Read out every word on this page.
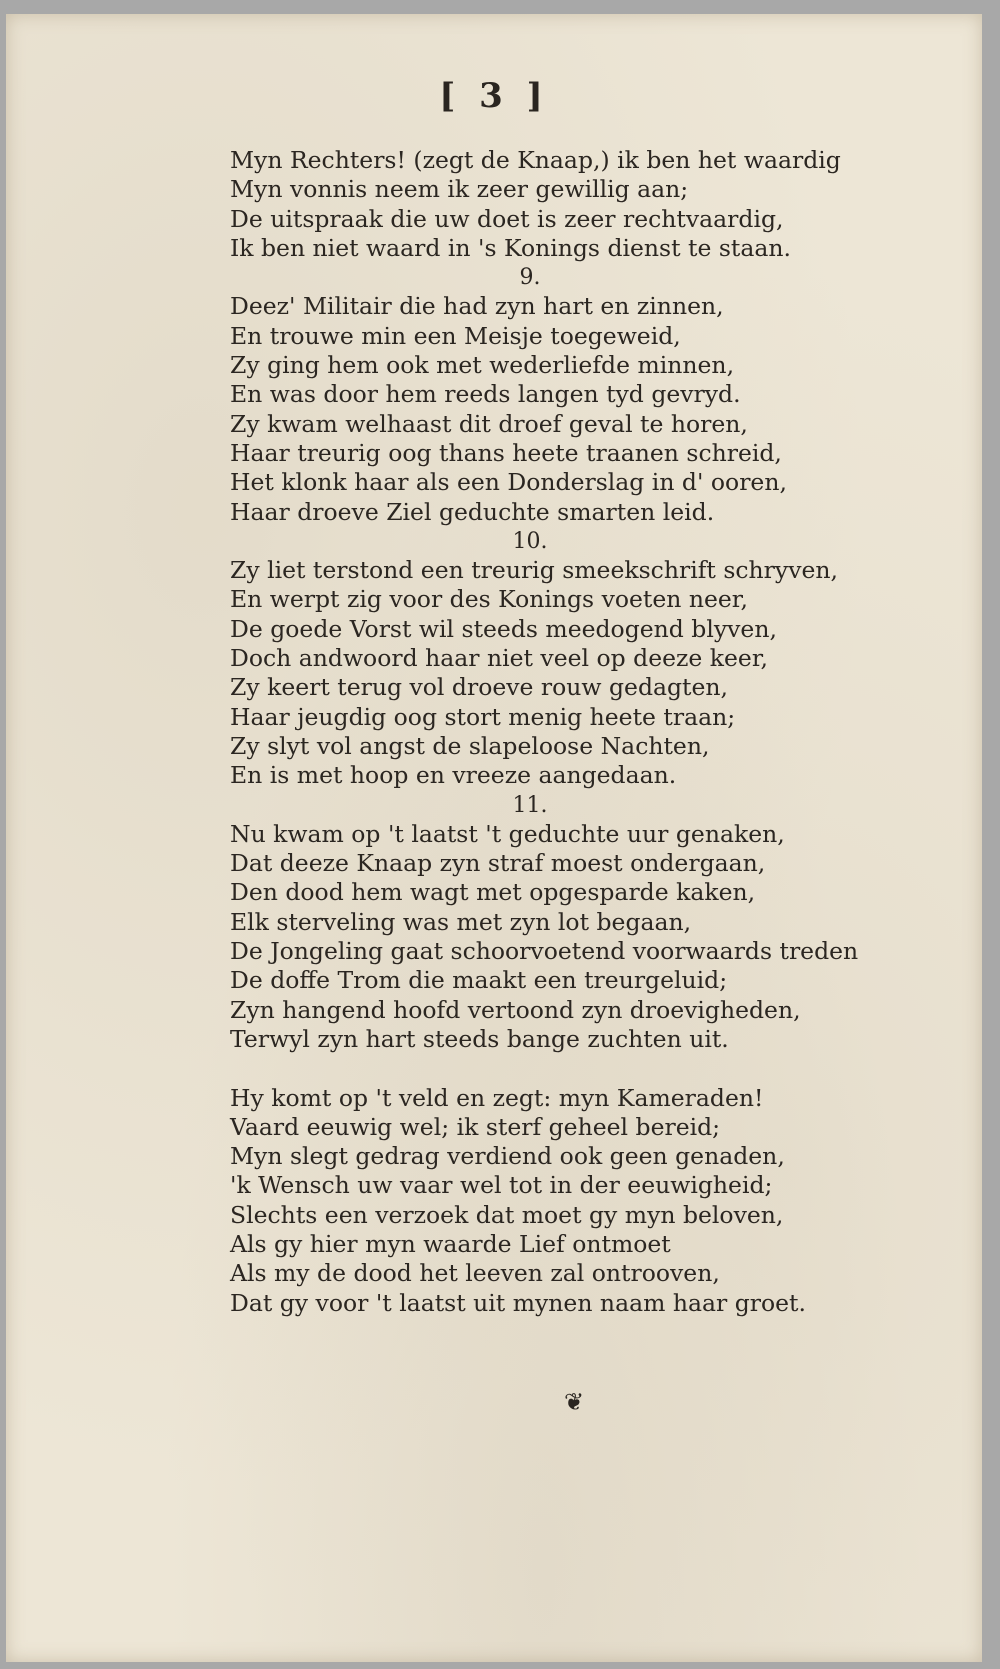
[ 3 ]
Myn Rechters! (zegt de Knaap,) ik ben het waardig
Myn vonnis neem ik zeer gewillig aan;
De uitspraak die uw doet is zeer rechtvaardig,
Ik ben niet waard in 's Konings dienst te staan.
9.
Deez' Militair die had zyn hart en zinnen,
En trouwe min een Meisje toegeweid,
Zy ging hem ook met wederliefde minnen,
En was door hem reeds langen tyd gevryd.
Zy kwam welhaast dit droef geval te horen,
Haar treurig oog thans heete traanen schreid,
Het klonk haar als een Donderslag in d' ooren,
Haar droeve Ziel geduchte smarten leid.
10.
Zy liet terstond een treurig smeekschrift schryven,
En werpt zig voor des Konings voeten neer,
De goede Vorst wil steeds meedogend blyven,
Doch andwoord haar niet veel op deeze keer,
Zy keert terug vol droeve rouw gedagten,
Haar jeugdig oog stort menig heete traan;
Zy slyt vol angst de slapeloose Nachten,
En is met hoop en vreeze aangedaan.
11.
Nu kwam op 't laatst 't geduchte uur genaken,
Dat deeze Knaap zyn straf moest ondergaan,
Den dood hem wagt met opgesparde kaken,
Elk sterveling was met zyn lot begaan,
De Jongeling gaat schoorvoetend voorwaards treden
De doffe Trom die maakt een treurgeluid;
Zyn hangend hoofd vertoond zyn droevigheden,
Terwyl zyn hart steeds bange zuchten uit.
Hy komt op 't veld en zegt: myn Kameraden!
Vaard eeuwig wel; ik sterf geheel bereid;
Myn slegt gedrag verdiend ook geen genaden,
'k Wensch uw vaar wel tot in der eeuwigheid;
Slechts een verzoek dat moet gy myn beloven,
Als gy hier myn waarde Lief ontmoet
Als my de dood het leeven zal ontrooven,
Dat gy voor 't laatst uit mynen naam haar groet.
❦
